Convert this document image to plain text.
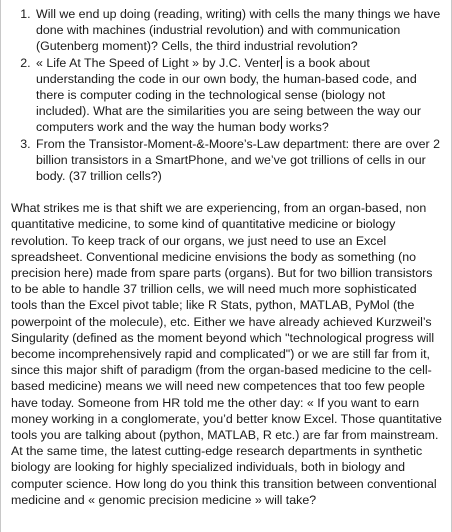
1. Will we end up doing (reading, writing) with cells the many things we have done with machines (industrial revolution) and with communication (Gutenberg moment)? Cells, the third industrial revolution?
2. « Life At The Speed of Light » by J.C. Venter is a book about understanding the code in our own body, the human-based code, and there is computer coding in the technological sense (biology not included). What are the similarities you are seing between the way our computers work and the way the human body works?
3. From the Transistor-Moment-&-Moore’s-Law department: there are over 2 billion transistors in a SmartPhone, and we’ve got trillions of cells in our body. (37 trillion cells?)

What strikes me is that shift we are experiencing, from an organ-based, non quantitative medicine, to some kind of quantitative medicine or biology revolution. To keep track of our organs, we just need to use an Excel spreadsheet. Conventional medicine envisions the body as something (no precision here) made from spare parts (organs). But for two billion transistors to be able to handle 37 trillion cells, we will need much more sophisticated tools than the Excel pivot table; like R Stats, python, MATLAB, PyMol (the powerpoint of the molecule), etc. Either we have already achieved Kurzweil’s Singularity (defined as the moment beyond which "technological progress will become incomprehensively rapid and complicated") or we are still far from it, since this major shift of paradigm (from the organ-based medicine to the cell-based medicine) means we will need new competences that too few people have today. Someone from HR told me the other day: « If you want to earn money working in a conglomerate, you’d better know Excel. Those quantitative tools you are talking about (python, MATLAB, R etc.) are far from mainstream. At the same time, the latest cutting-edge research departments in synthetic biology are looking for highly specialized individuals, both in biology and computer science. How long do you think this transition between conventional medicine and « genomic precision medicine » will take?
